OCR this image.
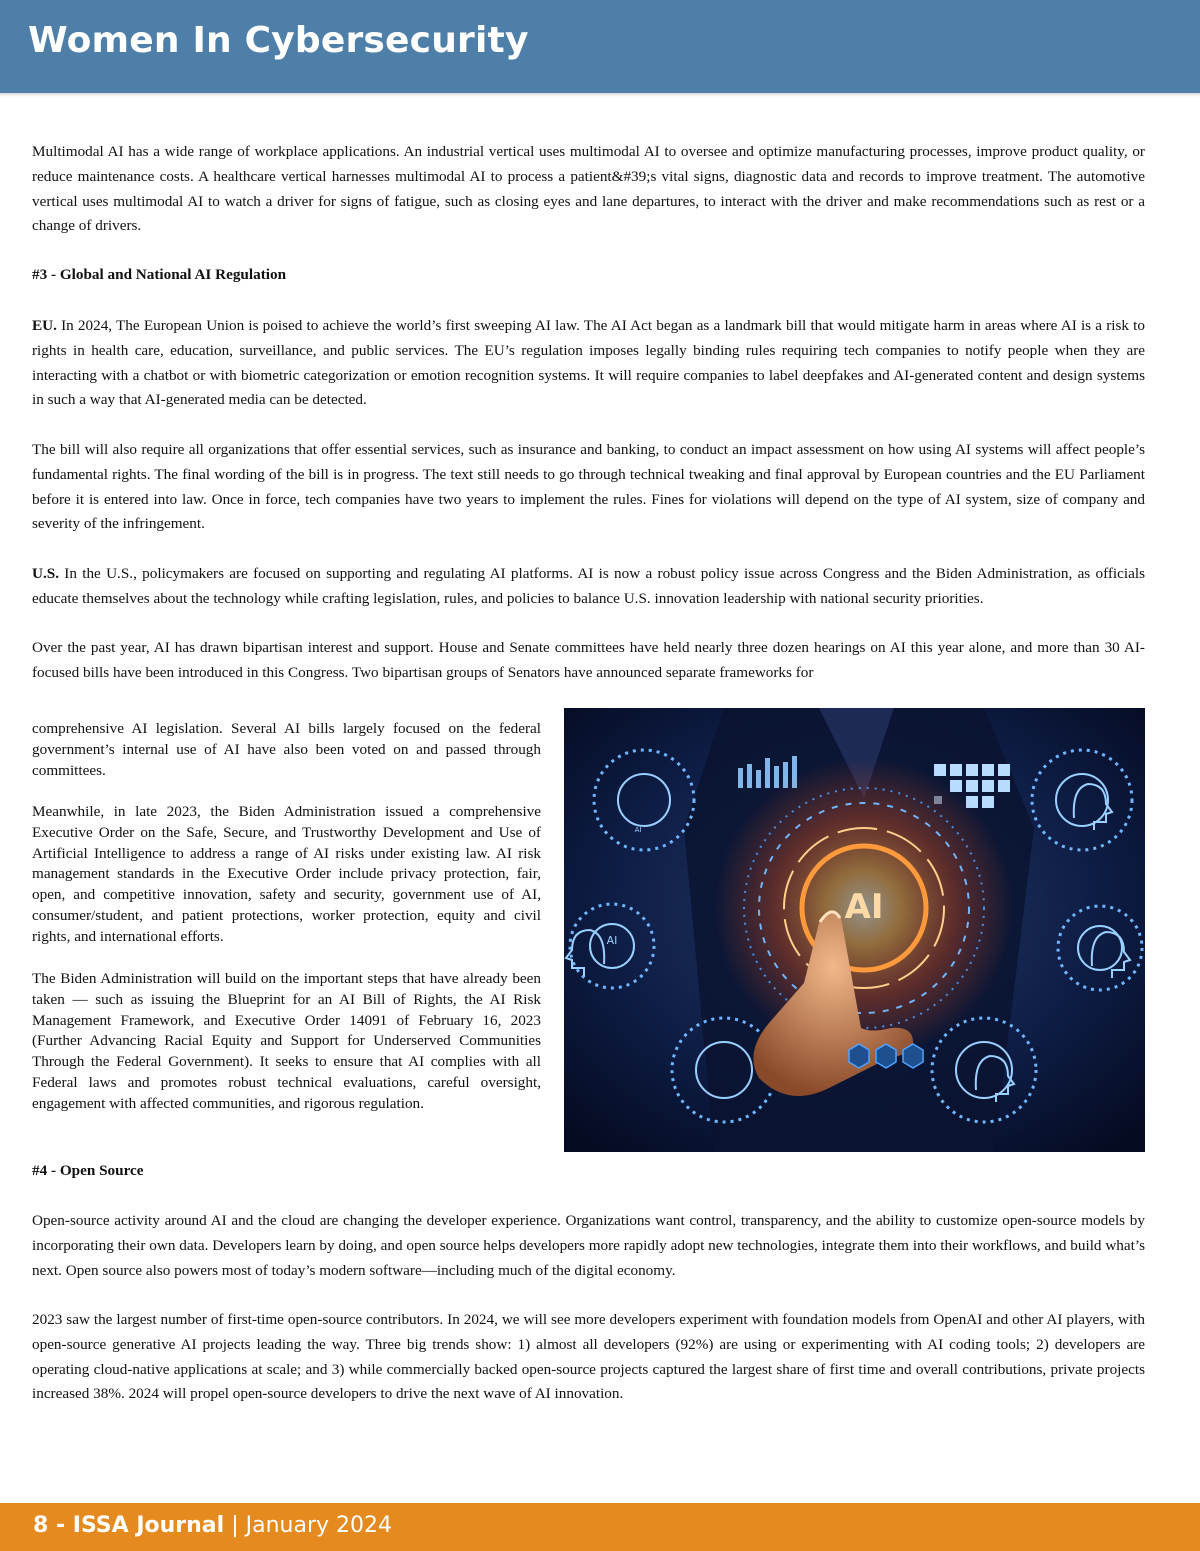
Women In Cybersecurity

Multimodal AI has a wide range of workplace applications. An industrial vertical uses multimodal AI to oversee and optimize manufacturing processes, improve product quality, or reduce maintenance costs. A healthcare vertical harnesses multimodal AI to process a patient&#39;s vital signs, diagnostic data and records to improve treatment. The automotive vertical uses multimodal AI to watch a driver for signs of fatigue, such as closing eyes and lane departures, to interact with the driver and make recommendations such as rest or a change of drivers.

#3 - Global and National AI Regulation

EU. In 2024, The European Union is poised to achieve the world’s first sweeping AI law. The AI Act began as a landmark bill that would mitigate harm in areas where AI is a risk to rights in health care, education, surveillance, and public services. The EU’s regulation imposes legally binding rules requiring tech companies to notify people when they are interacting with a chatbot or with biometric categorization or emotion recognition systems. It will require companies to label deepfakes and AI-generated content and design systems in such a way that AI-generated media can be detected.

The bill will also require all organizations that offer essential services, such as insurance and banking, to conduct an impact assessment on how using AI systems will affect people’s fundamental rights. The final wording of the bill is in progress. The text still needs to go through technical tweaking and final approval by European countries and the EU Parliament before it is entered into law. Once in force, tech companies have two years to implement the rules. Fines for violations will depend on the type of AI system, size of company and severity of the infringement.

U.S. In the U.S., policymakers are focused on supporting and regulating AI platforms. AI is now a robust policy issue across Congress and the Biden Administration, as officials educate themselves about the technology while crafting legislation, rules, and policies to balance U.S. innovation leadership with national security priorities.

Over the past year, AI has drawn bipartisan interest and support. House and Senate committees have held nearly three dozen hearings on AI this year alone, and more than 30 AI-focused bills have been introduced in this Congress. Two bipartisan groups of Senators have announced separate frameworks for

comprehensive AI legislation. Several AI bills largely focused on the federal government’s internal use of AI have also been voted on and passed through committees.

Meanwhile, in late 2023, the Biden Administration issued a comprehensive Executive Order on the Safe, Secure, and Trustworthy Development and Use of Artificial Intelligence to address a range of AI risks under existing law. AI risk management standards in the Executive Order include privacy protection, fair, open, and competitive innovation, safety and security, government use of AI, consumer/student, and patient protections, worker protection, equity and civil rights, and international efforts.

The Biden Administration will build on the important steps that have already been taken — such as issuing the Blueprint for an AI Bill of Rights, the AI Risk Management Framework, and Executive Order 14091 of February 16, 2023 (Further Advancing Racial Equity and Support for Underserved Communities Through the Federal Government). It seeks to ensure that AI complies with all Federal laws and promotes robust technical evaluations, careful oversight, engagement with affected communities, and rigorous regulation.

AI
AI
AI

#4 - Open Source

Open-source activity around AI and the cloud are changing the developer experience. Organizations want control, transparency, and the ability to customize open-source models by incorporating their own data. Developers learn by doing, and open source helps developers more rapidly adopt new technologies, integrate them into their workflows, and build what’s next. Open source also powers most of today’s modern software—including much of the digital economy.

2023 saw the largest number of first-time open-source contributors. In 2024, we will see more developers experiment with foundation models from OpenAI and other AI players, with open-source generative AI projects leading the way. Three big trends show: 1) almost all developers (92%) are using or experimenting with AI coding tools; 2) developers are operating cloud-native applications at scale; and 3) while commercially backed open-source projects captured the largest share of first time and overall contributions, private projects increased 38%. 2024 will propel open-source developers to drive the next wave of AI innovation.

8 - ISSA Journal | January 2024
